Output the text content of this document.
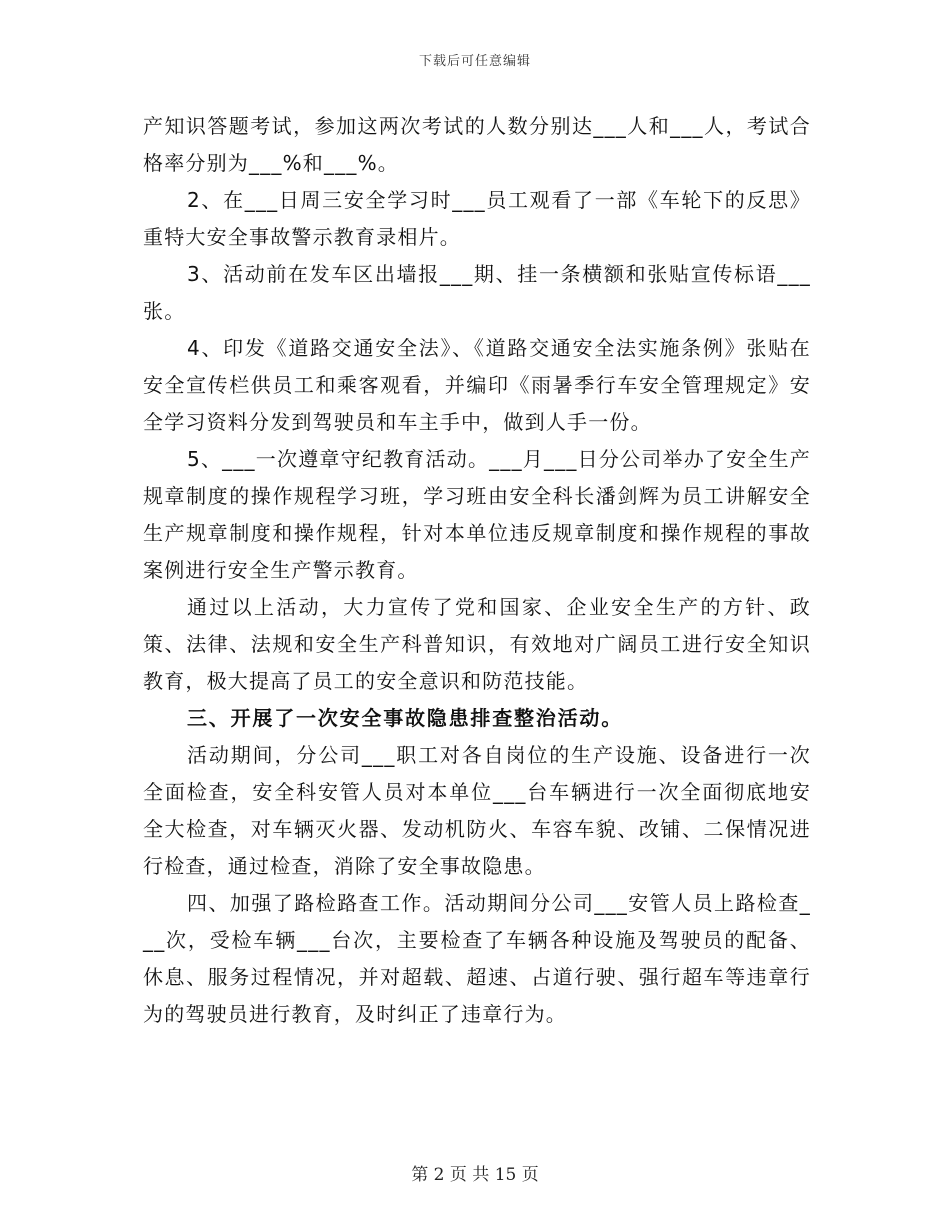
下载后可任意编辑

产知识答题考试，参加这两次考试的人数分别达___人和___人，考试合格率分别为___%和___%。

2、在___日周三安全学习时___员工观看了一部《车轮下的反思》重特大安全事故警示教育录相片。

3、活动前在发车区出墙报___期、挂一条横额和张贴宣传标语___张。

4、印发《道路交通安全法》、《道路交通安全法实施条例》张贴在安全宣传栏供员工和乘客观看，并编印《雨暑季行车安全管理规定》安全学习资料分发到驾驶员和车主手中，做到人手一份。

5、___一次遵章守纪教育活动。___月___日分公司举办了安全生产规章制度的操作规程学习班，学习班由安全科长潘剑辉为员工讲解安全生产规章制度和操作规程，针对本单位违反规章制度和操作规程的事故案例进行安全生产警示教育。

通过以上活动，大力宣传了党和国家、企业安全生产的方针、政策、法律、法规和安全生产科普知识，有效地对广阔员工进行安全知识教育，极大提高了员工的安全意识和防范技能。

三、开展了一次安全事故隐患排查整治活动。

活动期间，分公司___职工对各自岗位的生产设施、设备进行一次全面检查，安全科安管人员对本单位___台车辆进行一次全面彻底地安全大检查，对车辆灭火器、发动机防火、车容车貌、改铺、二保情况进行检查，通过检查，消除了安全事故隐患。

四、加强了路检路查工作。活动期间分公司___安管人员上路检查___次，受检车辆___台次，主要检查了车辆各种设施及驾驶员的配备、休息、服务过程情况，并对超载、超速、占道行驶、强行超车等违章行为的驾驶员进行教育，及时纠正了违章行为。

第 2 页 共 15 页
